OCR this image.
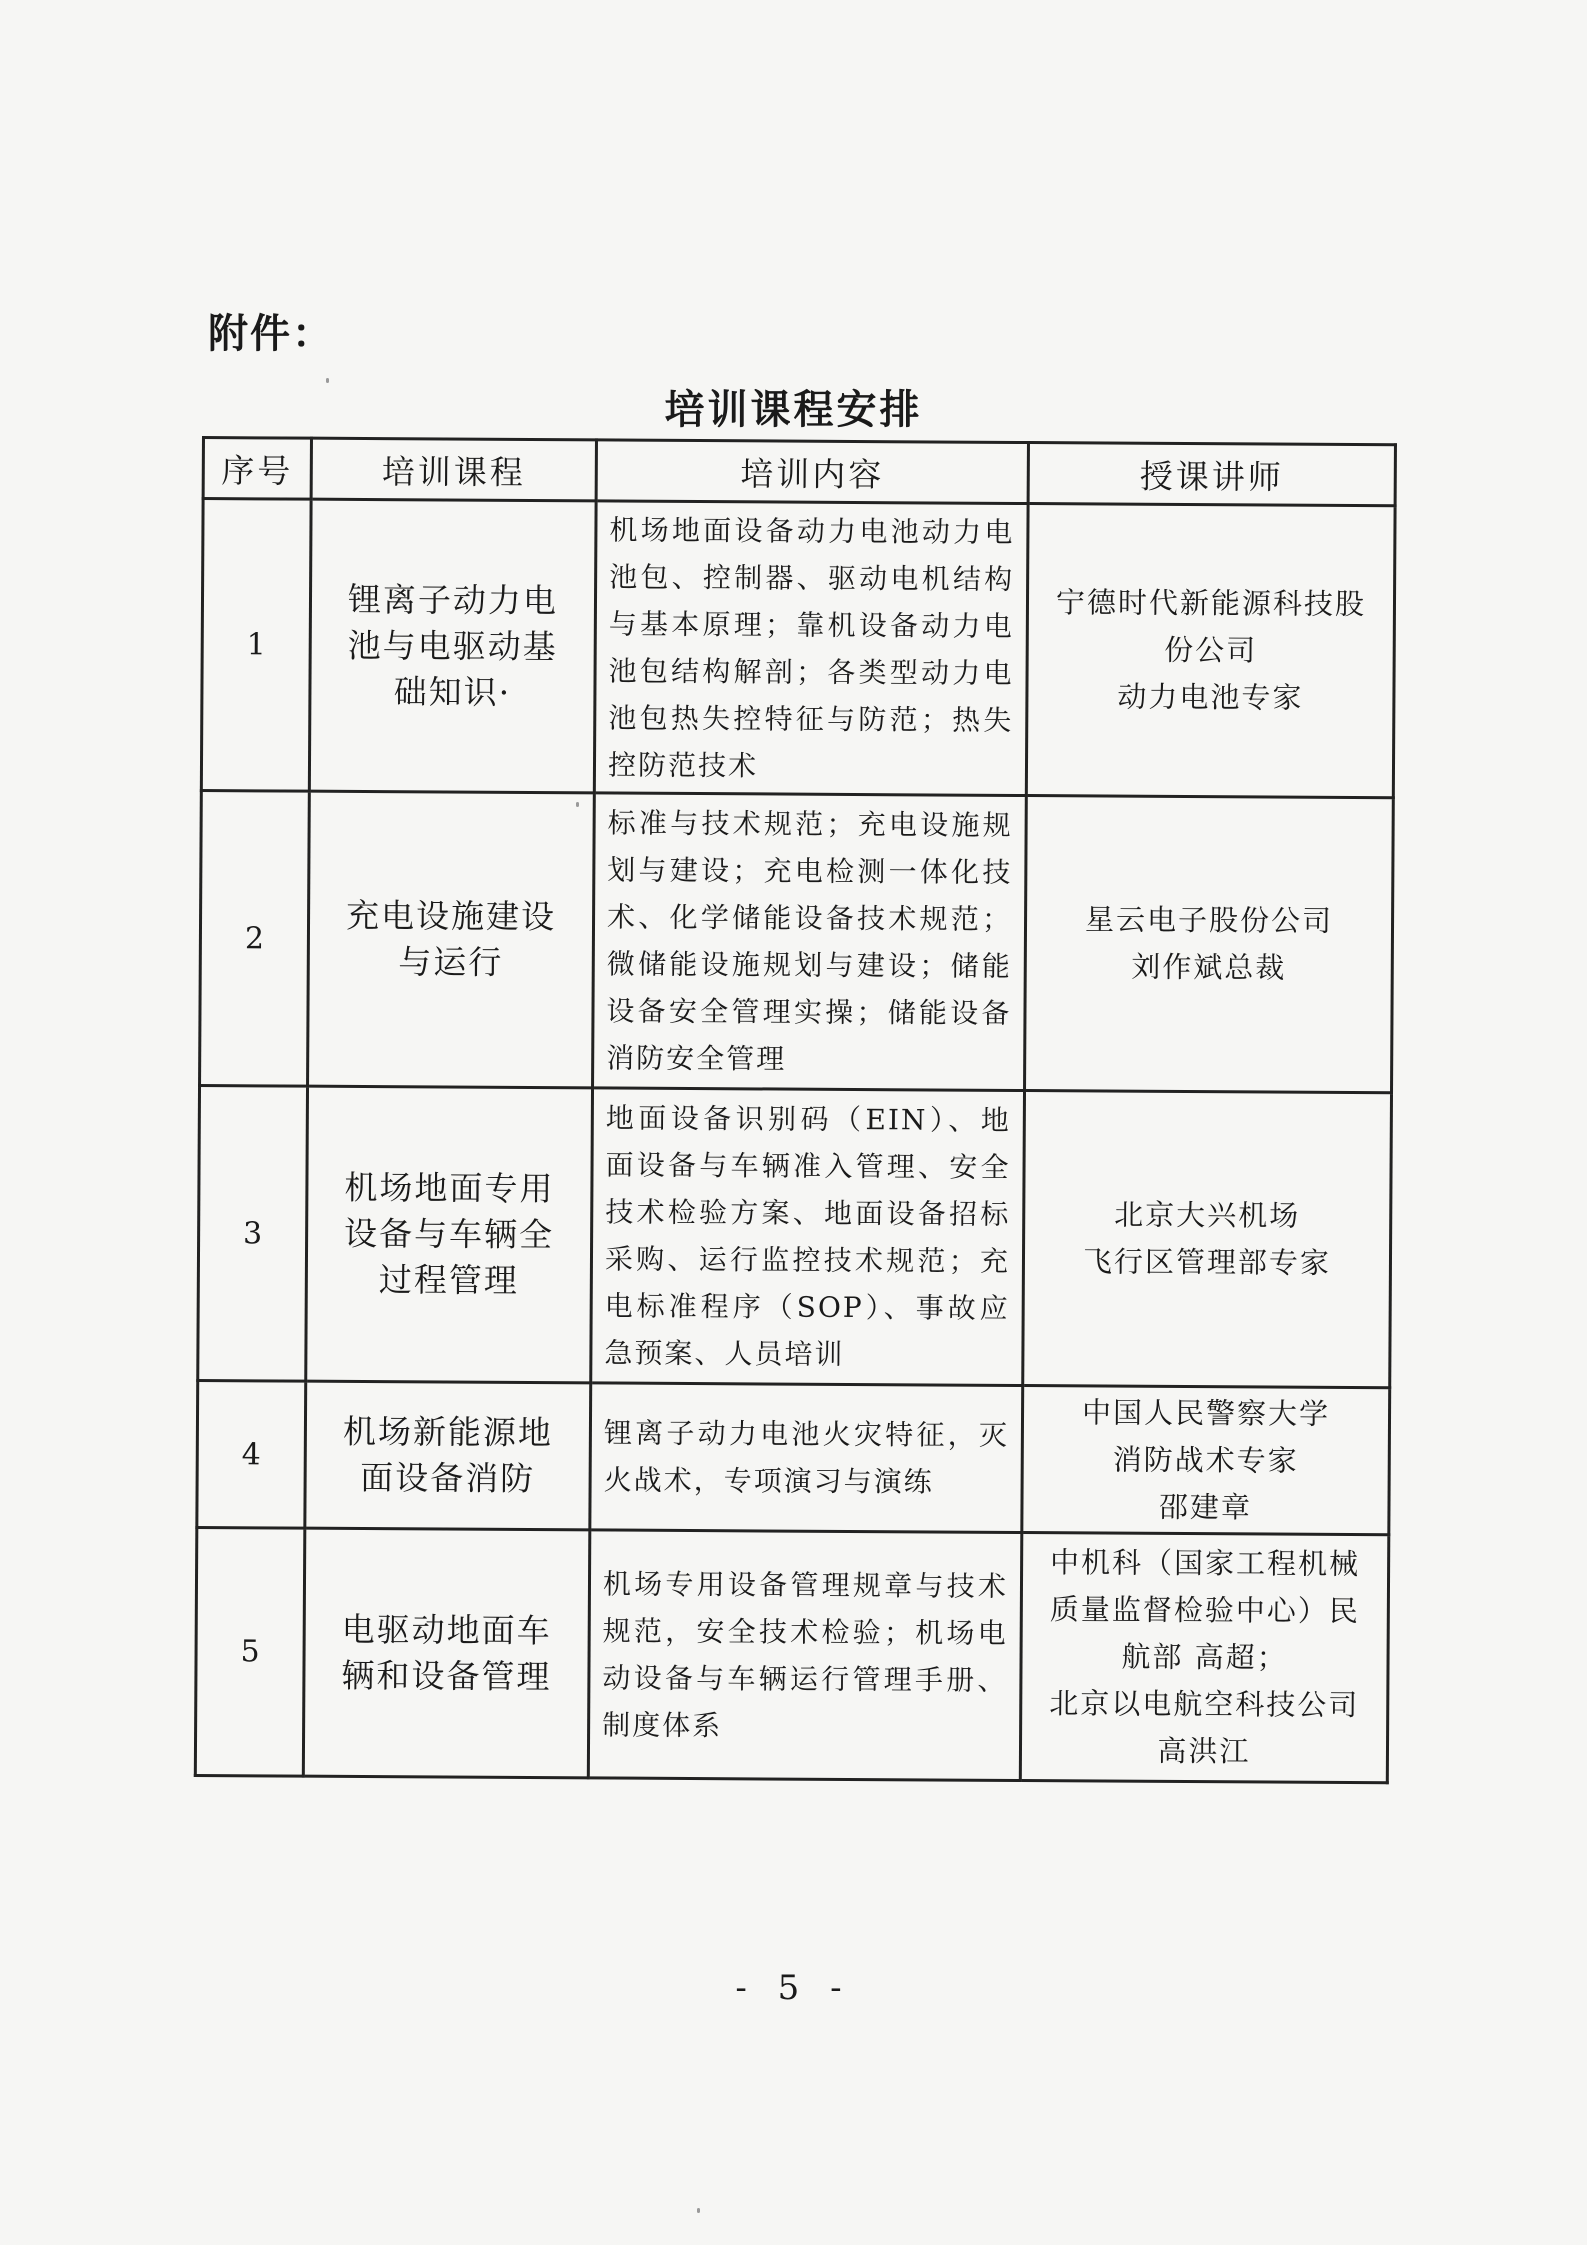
附件：
培训课程安排
序号	培训课程	培训内容	授课讲师
1	锂离子动力电池与电驱动基础知识·	机场地面设备动力电池动力电池包、控制器、驱动电机结构与基本原理；靠机设备动力电池包结构解剖；各类型动力电池包热失控特征与防范；热失控防范技术	宁德时代新能源科技股份公司
动力电池专家

2	充电设施建设与运行	标准与技术规范；充电设施规划与建设；充电检测一体化技术、化学储能设备技术规范；微储能设施规划与建设；储能设备安全管理实操；储能设备消防安全管理	星云电子股份公司
刘作斌总裁

3	机场地面专用设备与车辆全过程管理	地面设备识别码（EIN）、地面设备与车辆准入管理、安全技术检验方案、地面设备招标采购、运行监控技术规范；充电标准程序（SOP）、事故应急预案、人员培训	北京大兴机场
飞行区管理部专家

4	机场新能源地面设备消防	锂离子动力电池火灾特征，灭火战术，专项演习与演练	中国人民警察大学
消防战术专家
邵建章

5	电驱动地面车辆和设备管理	机场专用设备管理规章与技术规范，安全技术检验；机场电动设备与车辆运行管理手册、制度体系	中机科（国家工程机械质量监督检验中心）民航部 高超；
北京以电航空科技公司 高洪江
- 5 -
